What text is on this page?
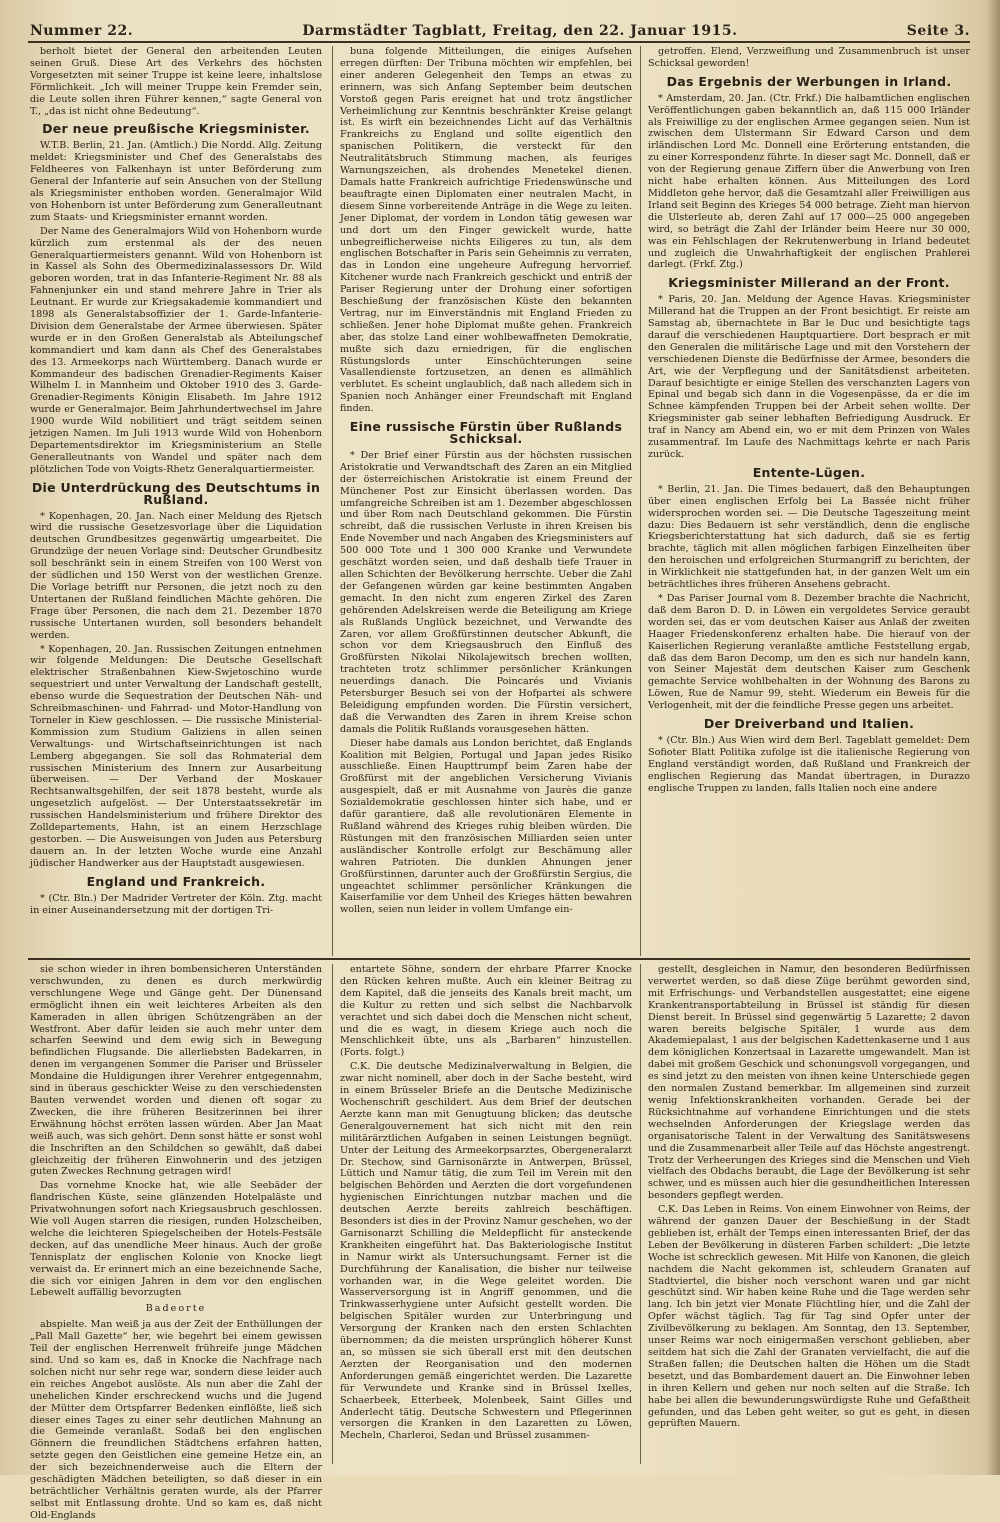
Nummer 22.	Darmstädter Tagblatt, Freitag, den 22. Januar 1915.	Seite 3.

berholt bietet der General den arbeitenden Leuten seinen Gruß. Diese Art des Verkehrs des höchsten Vorgesetzten mit seiner Truppe ist keine leere, inhaltslose Förmlichkeit. „Ich will meiner Truppe kein Fremder sein, die Leute sollen ihren Führer kennen,“ sagte General von T., „das ist nicht ohne Bedeutung“.

Der neue preußische Kriegsminister.

W.T.B. Berlin, 21. Jan. (Amtlich.) Die Nordd. Allg. Zeitung meldet: Kriegsminister und Chef des Generalstabs des Feldheeres von Falkenhayn ist unter Beförderung zum General der Infanterie auf sein Ansuchen von der Stellung als Kriegsminister enthoben worden. Generalmajor Wild von Hohenborn ist unter Beförderung zum Generalleutnant zum Staats- und Kriegsminister ernannt worden.

Der Name des Generalmajors Wild von Hohenborn wurde kürzlich zum erstenmal als der des neuen Generalquartiermeisters genannt. Wild von Hohenborn ist in Kassel als Sohn des Obermedizinalassessors Dr. Wild geboren worden, trat in das Infanterie-Regiment Nr. 88 als Fahnenjunker ein und stand mehrere Jahre in Trier als Leutnant. Er wurde zur Kriegsakademie kommandiert und 1898 als Generalstabsoffizier der 1. Garde-Infanterie-Division dem Generalstabe der Armee überwiesen. Später wurde er in den Großen Generalstab als Abteilungschef kommandiert und kam dann als Chef des Generalstabes des 13. Armeekorps nach Württemberg. Danach wurde er Kommandeur des badischen Grenadier-Regiments Kaiser Wilhelm I. in Mannheim und Oktober 1910 des 3. Garde-Grenadier-Regiments Königin Elisabeth. Im Jahre 1912 wurde er Generalmajor. Beim Jahrhundertwechsel im Jahre 1900 wurde Wild nobilitiert und trägt seitdem seinen jetzigen Namen. Im Juli 1913 wurde Wild von Hohenborn Departementsdirektor im Kriegsministerium an Stelle Generalleutnants von Wandel und später nach dem plötzlichen Tode von Voigts-Rhetz Generalquartiermeister.

Die Unterdrückung des Deutschtums in Rußland.

* Kopenhagen, 20. Jan. Nach einer Meldung des Rjetsch wird die russische Gesetzesvorlage über die Liquidation deutschen Grundbesitzes gegenwärtig umgearbeitet. Die Grundzüge der neuen Vorlage sind: Deutscher Grundbesitz soll beschränkt sein in einem Streifen von 100 Werst von der südlichen und 150 Werst von der westlichen Grenze. Die Vorlage betrifft nur Personen, die jetzt noch zu den Untertanen der Rußland feindlichen Mächte gehören. Die Frage über Personen, die nach dem 21. Dezember 1870 russische Untertanen wurden, soll besonders behandelt werden.

* Kopenhagen, 20. Jan. Russischen Zeitungen entnehmen wir folgende Meldungen: Die Deutsche Gesellschaft elektrischer Straßenbahnen Kiew-Swjetoschino wurde sequestriert und unter Verwaltung der Landschaft gestellt, ebenso wurde die Sequestration der Deutschen Näh- und Schreibmaschinen- und Fahrrad- und Motor-Handlung von Torneler in Kiew geschlossen. — Die russische Ministerial-Kommission zum Studium Galiziens in allen seinen Verwaltungs- und Wirtschaftseinrichtungen ist nach Lemberg abgegangen. Sie soll das Rohmaterial dem russischen Ministerium des Innern zur Ausarbeitung überweisen. — Der Verband der Moskauer Rechtsanwaltsgehilfen, der seit 1878 besteht, wurde als ungesetzlich aufgelöst. — Der Unterstaatssekretär im russischen Handelsministerium und frühere Direktor des Zolldepartements, Hahn, ist an einem Herzschlage gestorben. — Die Ausweisungen von Juden aus Petersburg dauern an. In der letzten Woche wurde eine Anzahl jüdischer Handwerker aus der Hauptstadt ausgewiesen.

England und Frankreich.

* (Ctr. Bln.) Der Madrider Vertreter der Köln. Ztg. macht in einer Auseinandersetzung mit der dortigen Tri-

buna folgende Mitteilungen, die einiges Aufsehen erregen dürften: Der Tribuna möchten wir empfehlen, bei einer anderen Gelegenheit den Temps an etwas zu erinnern, was sich Anfang September beim deutschen Vorstoß gegen Paris ereignet hat und trotz ängstlicher Verheimlichung zur Kenntnis beschränkter Kreise gelangt ist. Es wirft ein bezeichnendes Licht auf das Verhältnis Frankreichs zu England und sollte eigentlich den spanischen Politikern, die versteckt für den Neutralitätsbruch Stimmung machen, als feuriges Warnungszeichen, als drohendes Menetekel dienen. Damals hatte Frankreich aufrichtige Friedenswünsche und beauftragte einen Diplomaten einer neutralen Macht, in diesem Sinne vorbereitende Anträge in die Wege zu leiten. Jener Diplomat, der vordem in London tätig gewesen war und dort um den Finger gewickelt wurde, hatte unbegreiflicherweise nichts Eiligeres zu tun, als dem englischen Botschafter in Paris sein Geheimnis zu verraten, das in London eine ungeheure Aufregung hervorrief. Kitchener wurde nach Frankreich geschickt und entriß der Pariser Regierung unter der Drohung einer sofortigen Beschießung der französischen Küste den bekannten Vertrag, nur im Einverständnis mit England Frieden zu schließen. Jener hohe Diplomat mußte gehen. Frankreich aber, das stolze Land einer wohlbewaffneten Demokratie, mußte sich dazu erniedrigen, für die englischen Rüstungslords unter Einschüchterungen seine Vasallendienste fortzusetzen, an denen es allmählich verblutet. Es scheint unglaublich, daß nach alledem sich in Spanien noch Anhänger einer Freundschaft mit England finden.

Eine russische Fürstin über Rußlands Schicksal.

* Der Brief einer Fürstin aus der höchsten russischen Aristokratie und Verwandtschaft des Zaren an ein Mitglied der österreichischen Aristokratie ist einem Freund der Münchener Post zur Einsicht überlassen worden. Das umfangreiche Schreiben ist am 1. Dezember abgeschlossen und über Rom nach Deutschland gekommen. Die Fürstin schreibt, daß die russischen Verluste in ihren Kreisen bis Ende November und nach Angaben des Kriegsministers auf 500 000 Tote und 1 300 000 Kranke und Verwundete geschätzt worden seien, und daß deshalb tiefe Trauer in allen Schichten der Bevölkerung herrschte. Ueber die Zahl der Gefangenen würden gar keine bestimmten Angaben gemacht. In den nicht zum engeren Zirkel des Zaren gehörenden Adelskreisen werde die Beteiligung am Kriege als Rußlands Unglück bezeichnet, und Verwandte des Zaren, vor allem Großfürstinnen deutscher Abkunft, die schon vor dem Kriegsausbruch den Einfluß des Großfürsten Nikolai Nikolajewitsch brechen wollten, trachteten trotz schlimmer persönlicher Kränkungen neuerdings danach. Die Poincarés und Vivianis Petersburger Besuch sei von der Hofpartei als schwere Beleidigung empfunden worden. Die Fürstin versichert, daß die Verwandten des Zaren in ihrem Kreise schon damals die Politik Rußlands vorausgesehen hätten.

Dieser habe damals aus London berichtet, daß Englands Koalition mit Belgien, Portugal und Japan jedes Risiko ausschließe. Einen Haupttrumpf beim Zaren habe der Großfürst mit der angeblichen Versicherung Vivianis ausgespielt, daß er mit Ausnahme von Jaurès die ganze Sozialdemokratie geschlossen hinter sich habe, und er dafür garantiere, daß alle revolutionären Elemente in Rußland während des Krieges ruhig bleiben würden. Die Rüstungen mit den französischen Milliarden seien unter ausländischer Kontrolle erfolgt zur Beschämung aller wahren Patrioten. Die dunklen Ahnungen jener Großfürstinnen, darunter auch der Großfürstin Sergius, die ungeachtet schlimmer persönlicher Kränkungen die Kaiserfamilie vor dem Unheil des Krieges hätten bewahren wollen, seien nun leider in vollem Umfange ein-

getroffen. Elend, Verzweiflung und Zusammenbruch ist unser Schicksal geworden!

Das Ergebnis der Werbungen in Irland.

* Amsterdam, 20. Jan. (Ctr. Frkf.) Die halbamtlichen englischen Veröffentlichungen gaben bekanntlich an, daß 115 000 Irländer als Freiwillige zu der englischen Armee gegangen seien. Nun ist zwischen dem Ulstermann Sir Edward Carson und dem irländischen Lord Mc. Donnell eine Erörterung entstanden, die zu einer Korrespondenz führte. In dieser sagt Mc. Donnell, daß er von der Regierung genaue Ziffern über die Anwerbung von Iren nicht habe erhalten können. Aus Mitteilungen des Lord Middleton gehe hervor, daß die Gesamtzahl aller Freiwilligen aus Irland seit Beginn des Krieges 54 000 betrage. Zieht man hiervon die Ulsterleute ab, deren Zahl auf 17 000—25 000 angegeben wird, so beträgt die Zahl der Irländer beim Heere nur 30 000, was ein Fehlschlagen der Rekrutenwerbung in Irland bedeutet und zugleich die Unwahrhaftigkeit der englischen Prahlerei darlegt. (Frkf. Ztg.)

Kriegsminister Millerand an der Front.

* Paris, 20. Jan. Meldung der Agence Havas. Kriegsminister Millerand hat die Truppen an der Front besichtigt. Er reiste am Samstag ab, übernachtete in Bar le Duc und besichtigte tags darauf die verschiedenen Hauptquartiere. Dort besprach er mit den Generalen die militärische Lage und mit den Vorstehern der verschiedenen Dienste die Bedürfnisse der Armee, besonders die Art, wie der Verpflegung und der Sanitätsdienst arbeiteten. Darauf besichtigte er einige Stellen des verschanzten Lagers von Epinal und begab sich dann in die Vogesenpässe, da er die im Schnee kämpfenden Truppen bei der Arbeit sehen wollte. Der Kriegsminister gab seiner lebhaften Befriedigung Ausdruck. Er traf in Nancy am Abend ein, wo er mit dem Prinzen von Wales zusammentraf. Im Laufe des Nachmittags kehrte er nach Paris zurück.

Entente-Lügen.

* Berlin, 21. Jan. Die Times bedauert, daß den Behauptungen über einen englischen Erfolg bei La Bassée nicht früher widersprochen worden sei. — Die Deutsche Tageszeitung meint dazu: Dies Bedauern ist sehr verständlich, denn die englische Kriegsberichterstattung hat sich dadurch, daß sie es fertig brachte, täglich mit allen möglichen farbigen Einzelheiten über den heroischen und erfolgreichen Sturmangriff zu berichten, der in Wirklichkeit nie stattgefunden hat, in der ganzen Welt um ein beträchtliches ihres früheren Ansehens gebracht.

* Das Pariser Journal vom 8. Dezember brachte die Nachricht, daß dem Baron D. D. in Löwen ein vergoldetes Service geraubt worden sei, das er vom deutschen Kaiser aus Anlaß der zweiten Haager Friedenskonferenz erhalten habe. Die hierauf von der Kaiserlichen Regierung veranlaßte amtliche Feststellung ergab, daß das dem Baron Decomp, um den es sich nur handeln kann, von Seiner Majestät dem deutschen Kaiser zum Geschenk gemachte Service wohlbehalten in der Wohnung des Barons zu Löwen, Rue de Namur 99, steht. Wiederum ein Beweis für die Verlogenheit, mit der die feindliche Presse gegen uns arbeitet.

Der Dreiverband und Italien.

* (Ctr. Bln.) Aus Wien wird dem Berl. Tageblatt gemeldet: Dem Sofioter Blatt Politika zufolge ist die italienische Regierung von England verständigt worden, daß Rußland und Frankreich der englischen Regierung das Mandat übertragen, in Durazzo englische Truppen zu landen, falls Italien noch eine andere

sie schon wieder in ihren bombensicheren Unterständen verschwunden, zu denen es durch merkwürdig verschlungene Wege und Gänge geht. Der Dünensand ermöglicht ihnen ein weit leichteres Arbeiten als den Kameraden in allen übrigen Schützengräben an der Westfront. Aber dafür leiden sie auch mehr unter dem scharfen Seewind und dem ewig sich in Bewegung befindlichen Flugsande. Die allerliebsten Badekarren, in denen im vergangenen Sommer die Pariser und Brüsseler Mondaine die Huldigungen ihrer Verehrer entgegennahm, sind in überaus geschickter Weise zu den verschiedensten Bauten verwendet worden und dienen oft sogar zu Zwecken, die ihre früheren Besitzerinnen bei ihrer Erwähnung höchst erröten lassen würden. Aber Jan Maat weiß auch, was sich gehört. Denn sonst hätte er sonst wohl die Inschriften an den Schildchen so gewählt, daß dabei gleichzeitig der früheren Einwohnerin und des jetzigen guten Zweckes Rechnung getragen wird!

Das vornehme Knocke hat, wie alle Seebäder der flandrischen Küste, seine glänzenden Hotelpaläste und Privatwohnungen sofort nach Kriegsausbruch geschlossen. Wie voll Augen starren die riesigen, runden Holzscheiben, welche die leichteren Spiegelscheiben der Hotels-Festsäle decken, auf das unendliche Meer hinaus. Auch der große Tennisplatz der englischen Kolonie von Knocke liegt verwaist da. Er erinnert mich an eine bezeichnende Sache, die sich vor einigen Jahren in dem vor den englischen Lebewelt auffällig bevorzugten

Badeorte

abspielte. Man weiß ja aus der Zeit der Enthüllungen der „Pall Mall Gazette“ her, wie begehrt bei einem gewissen Teil der englischen Herrenwelt frühreife junge Mädchen sind. Und so kam es, daß in Knocke die Nachfrage nach solchen nicht nur sehr rege war, sondern diese leider auch ein reiches Angebot auslöste. Als nun aber die Zahl der unehelichen Kinder erschreckend wuchs und die Jugend der Mütter dem Ortspfarrer Bedenken einflößte, ließ sich dieser eines Tages zu einer sehr deutlichen Mahnung an die Gemeinde veranlaßt. Sodaß bei den englischen Gönnern die freundlichen Städtchens erfahren hatten, setzte gegen den Geistlichen eine gemeine Hetze ein, an der sich bezeichnenderweise auch die Eltern der geschädigten Mädchen beteiligten, so daß dieser in ein beträchtlicher Verhältnis geraten wurde, als der Pfarrer selbst mit Entlassung drohte. Und so kam es, daß nicht Old-Englands

entartete Söhne, sondern der ehrbare Pfarrer Knocke den Rücken kehren mußte. Auch ein kleiner Beitrag zu dem Kapitel, daß die jenseits des Kanals breit macht, um die Kultur zu retten und sich selbst die Nachbarvolk verachtet und sich dabei doch die Menschen nicht scheut, und die es wagt, in diesem Kriege auch noch die Menschlichkeit übte, uns als „Barbaren“ hinzustellen. (Forts. folgt.)

C.K. Die deutsche Medizinalverwaltung in Belgien, die zwar nicht nominell, aber doch in der Sache besteht, wird in einem Brüsseler Briefe an die Deutsche Medizinische Wochenschrift geschildert. Aus dem Brief der deutschen Aerzte kann man mit Genugtuung blicken; das deutsche Generalgouvernement hat sich nicht mit den rein militärärztlichen Aufgaben in seinen Leistungen begnügt. Unter der Leitung des Armeekorpsarztes, Obergeneralarzt Dr. Stechow, sind Garnisonärzte in Antwerpen, Brüssel, Lüttich und Namur tätig, die zum Teil im Verein mit den belgischen Behörden und Aerzten die dort vorgefundenen hygienischen Einrichtungen nutzbar machen und die deutschen Aerzte bereits zahlreich beschäftigen. Besonders ist dies in der Provinz Namur geschehen, wo der Garnisonarzt Schilling die Meldepflicht für ansteckende Krankheiten eingeführt hat. Das Bakteriologische Institut in Namur wirkt als Untersuchungsamt. Ferner ist die Durchführung der Kanalisation, die bisher nur teilweise vorhanden war, in die Wege geleitet worden. Die Wasserversorgung ist in Angriff genommen, und die Trinkwasserhygiene unter Aufsicht gestellt worden. Die belgischen Spitäler wurden zur Unterbringung und Versorgung der Kranken nach den ersten Schlachten übernommen; da die meisten ursprünglich höherer Kunst an, so müssen sie sich überall erst mit den deutschen Aerzten der Reorganisation und den modernen Anforderungen gemäß eingerichtet werden. Die Lazarette für Verwundete und Kranke sind in Brüssel Ixelles, Schaerbeek, Etterbeek, Molenbeek, Saint Gilles und Anderlecht tätig. Deutsche Schwestern und Pflegerinnen versorgen die Kranken in den Lazaretten zu Löwen, Mecheln, Charleroi, Sedan und Brüssel zusammen-

gestellt, desgleichen in Namur, den besonderen Bedürfnissen verwertet werden, so daß diese Züge berühmt geworden sind, mit Erfrischungs- und Verbandstellen ausgestattet; eine eigene Krankentransportabteilung in Brüssel ist ständig für diesen Dienst bereit. In Brüssel sind gegenwärtig 5 Lazarette; 2 davon waren bereits belgische Spitäler, 1 wurde aus dem Akademiepalast, 1 aus der belgischen Kadettenkaserne und 1 aus dem königlichen Konzertsaal in Lazarette umgewandelt. Man ist dabei mit großem Geschick und schonungsvoll vorgegangen, und es sind jetzt zu den meisten von ihnen keine Unterschiede gegen den normalen Zustand bemerkbar. Im allgemeinen sind zurzeit wenig Infektionskrankheiten vorhanden. Gerade bei der Rücksichtnahme auf vorhandene Einrichtungen und die stets wechselnden Anforderungen der Kriegslage werden das organisatorische Talent in der Verwaltung des Sanitätswesens und die Zusammenarbeit aller Teile auf das Höchste angestrengt. Trotz der Verheerungen des Krieges sind die Menschen und Vieh vielfach des Obdachs beraubt, die Lage der Bevölkerung ist sehr schwer, und es müssen auch hier die gesundheitlichen Interessen besonders gepflegt werden.

C.K. Das Leben in Reims. Von einem Einwohner von Reims, der während der ganzen Dauer der Beschießung in der Stadt geblieben ist, erhält der Temps einen interessanten Brief, der das Leben der Bevölkerung in düsteren Farben schildert: „Die letzte Woche ist schrecklich gewesen. Mit Hilfe von Kanonen, die gleich nachdem die Nacht gekommen ist, schleudern Granaten auf Stadtviertel, die bisher noch verschont waren und gar nicht geschützt sind. Wir haben keine Ruhe und die Tage werden sehr lang. Ich bin jetzt vier Monate Flüchtling hier, und die Zahl der Opfer wächst täglich. Tag für Tag sind Opfer unter der Zivilbevölkerung zu beklagen. Am Sonntag, den 13. September, unser Reims war noch einigermaßen verschont geblieben, aber seitdem hat sich die Zahl der Granaten vervielfacht, die auf die Straßen fallen; die Deutschen halten die Höhen um die Stadt besetzt, und das Bombardement dauert an. Die Einwohner leben in ihren Kellern und gehen nur noch selten auf die Straße. Ich habe bei allen die bewunderungswürdigste Ruhe und Gefaßtheit gefunden, und das Leben geht weiter, so gut es geht, in diesen geprüften Mauern.
